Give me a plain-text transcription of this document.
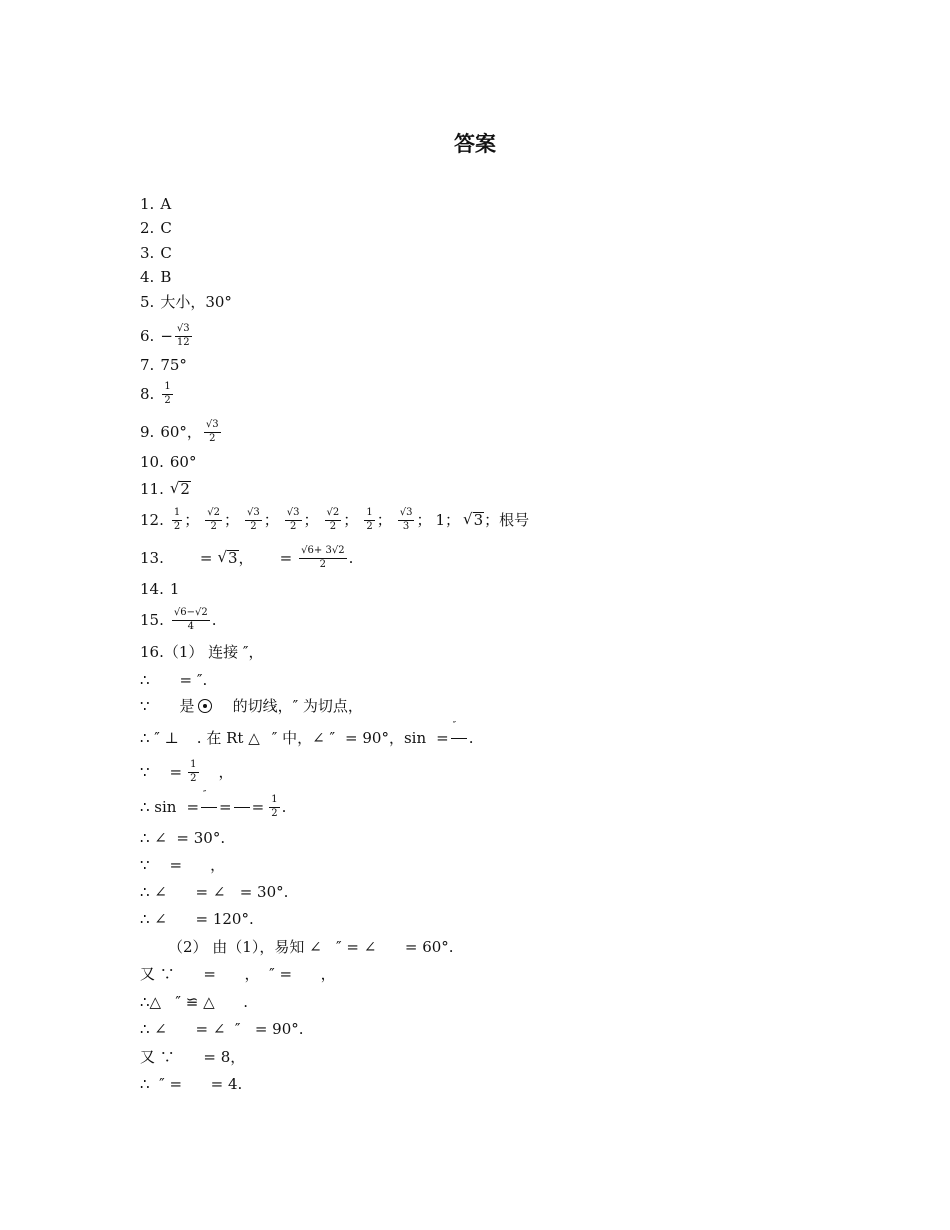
答案
1. A
2. C
3. C
4. B
5. 大小，30°
6. − $\frac{√3}{12}$
7. 75°
8. $\frac{1}{2}$
9. 60°， $\frac{√3}{2}$
10. 60°
11. √ 2
12. $\frac{1}{2}$ ； $\frac{√2}{2}$ ； $\frac{√3}{2}$ ； $\frac{√3}{2}$ ； $\frac{√2}{2}$ ； $\frac{1}{2}$ ； $\frac{√3}{3}$ ； 1； √ 3 ；根号
13. = √ 3 ， = $\frac{√6+ 3√2}{2}$ .
14. 1
15. $\frac{√6-√2}{4}$ .
16.（1） 连接 ″，
∴ = ″.
∵ 是	的切线，″ 为切点，
∴ ″ ⊥ . 在 Rt △ ″ 中，∠ ″ = 90°，sin =
″
.
∵ = $\frac{1}{2}$ ，
∴ sin =
″
= = $\frac{1}{2}$ .
∴ ∠  = 30°.
∵ = ，
∴ ∠      = ∠   = 30°.
∴ ∠      = 120°.
（2） 由（1），易知 ∠   ″ = ∠      = 60°.
又 ∵      =      ，  ″ =      ，
∴△   ″ ≌ △      .
∴ ∠      = ∠  ″   = 90°.
又 ∵      = 8，
∴  ″ =      = 4.
